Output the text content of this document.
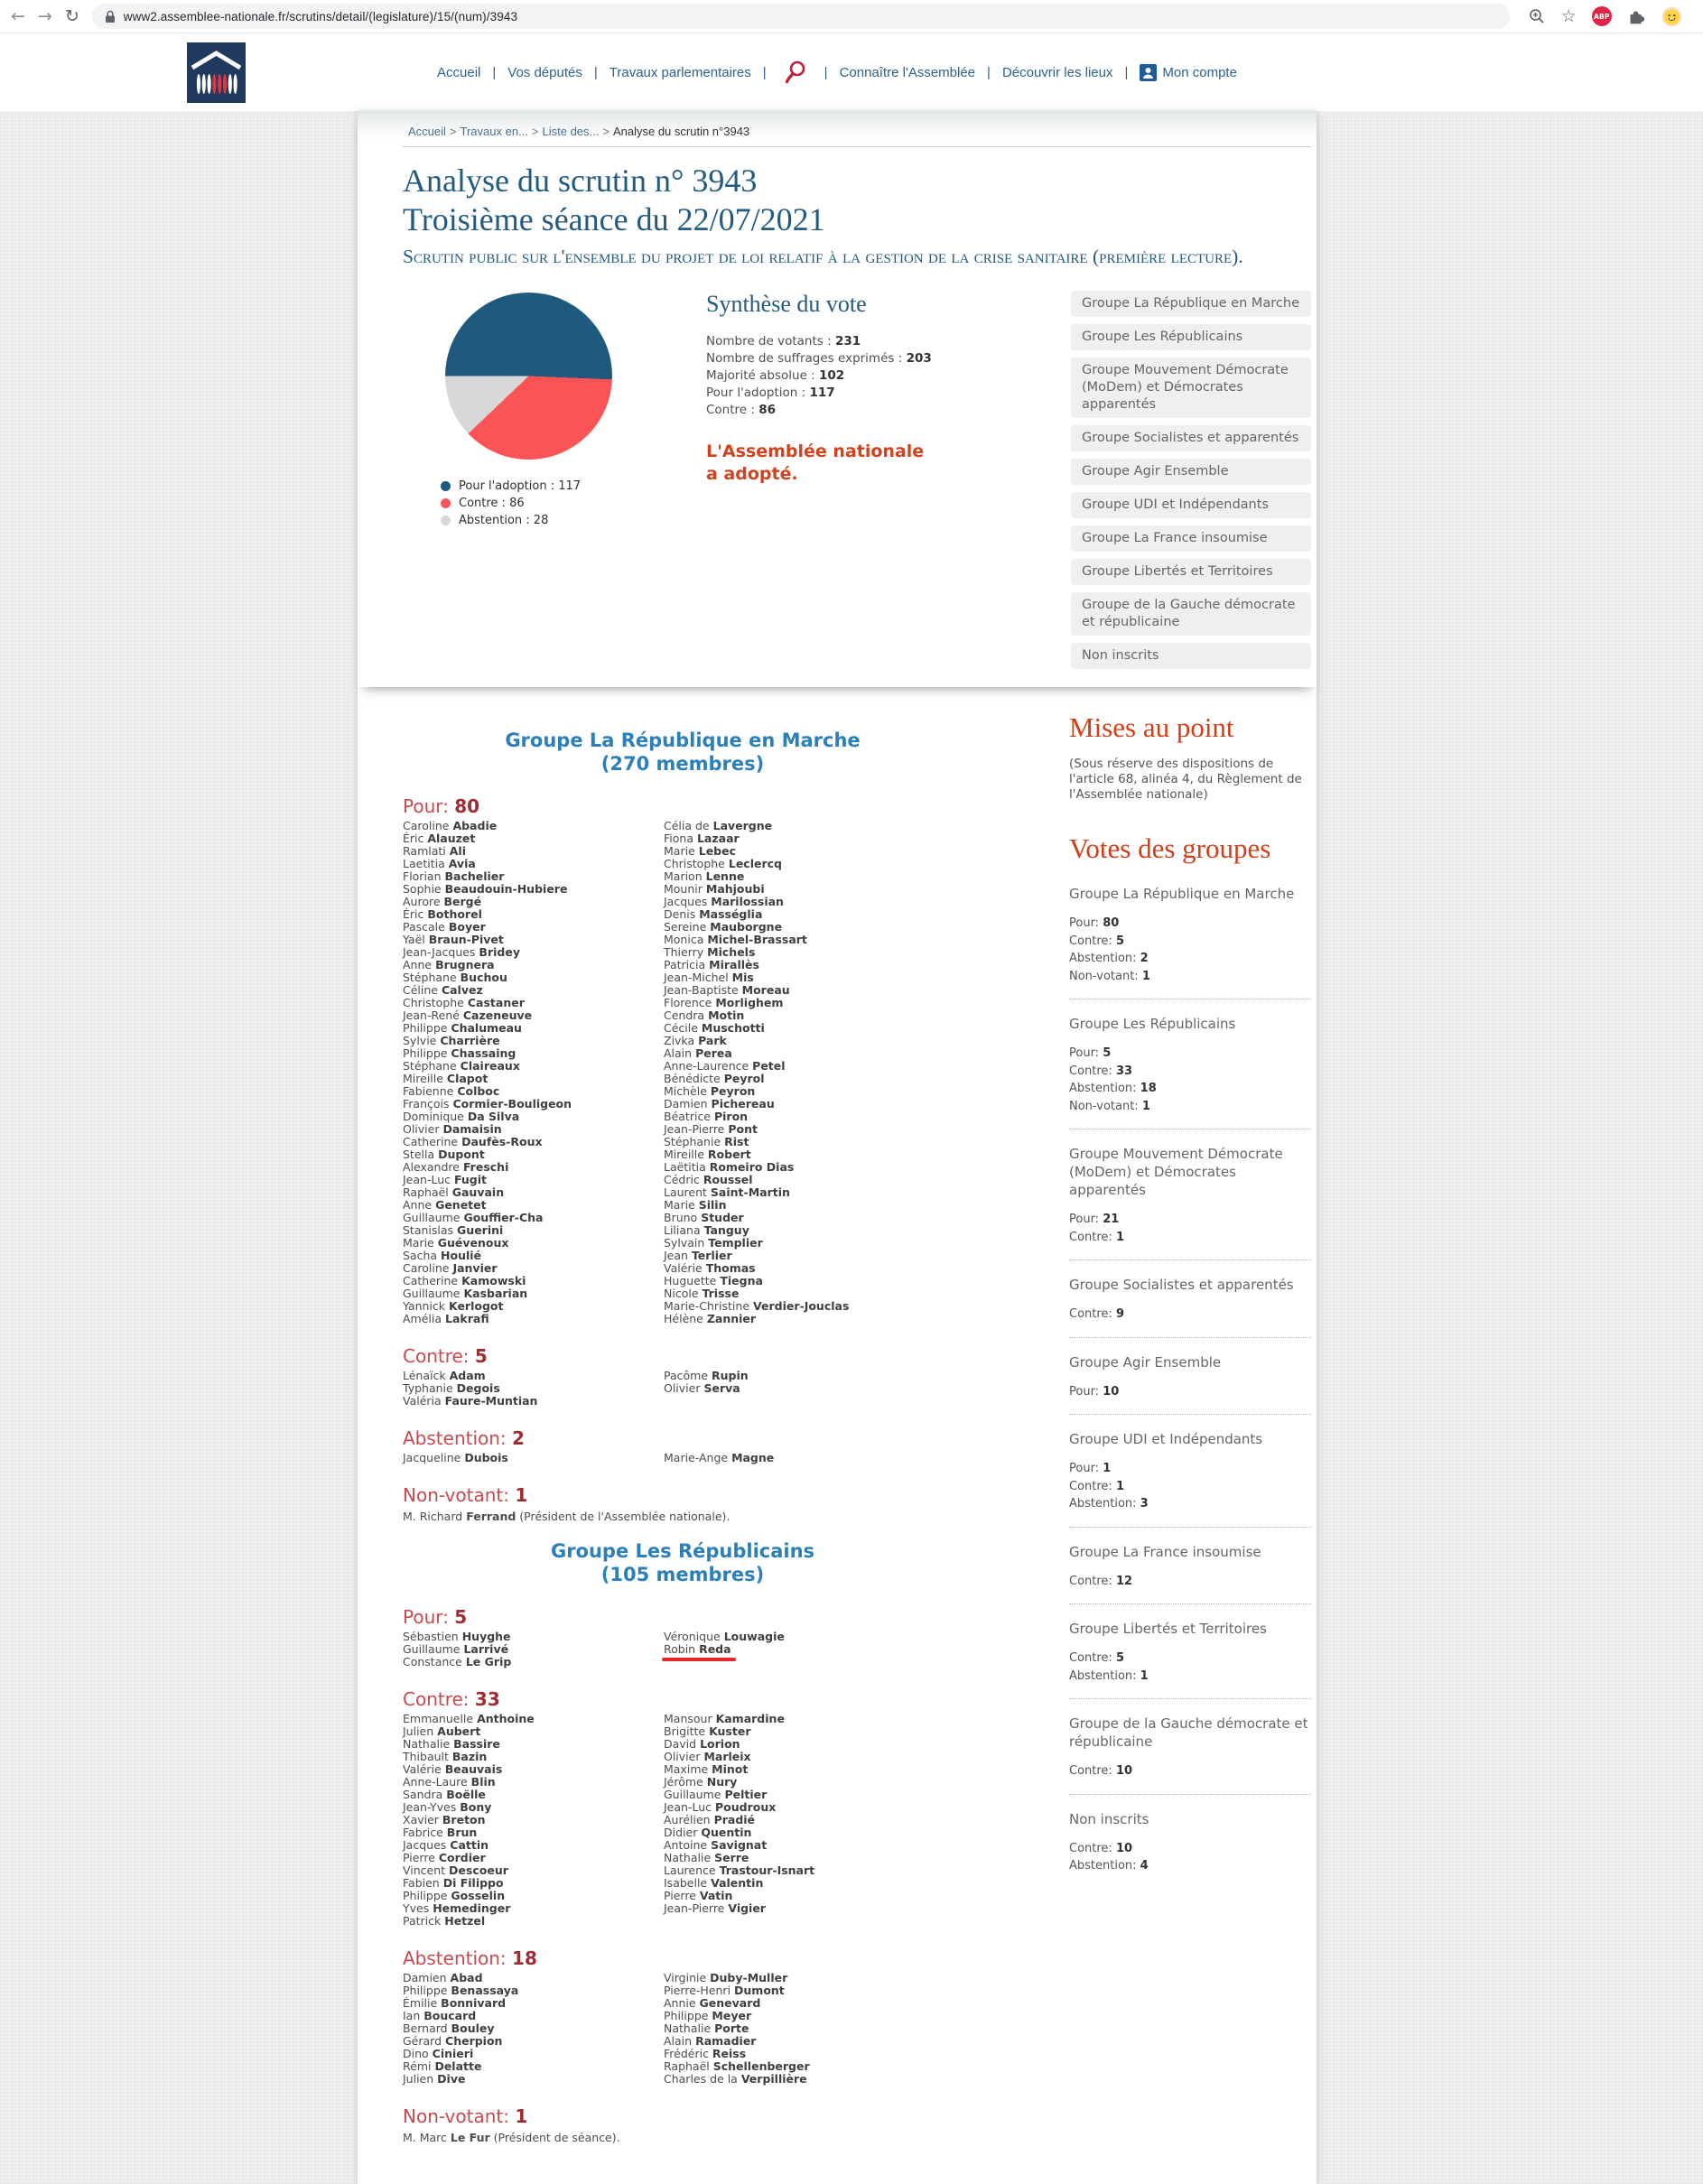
← → ↻	www2.assemblee-nationale.fr/scrutins/detail/(legislature)/15/(num)/3943	☆	ABP
Accueil | Vos députés | Travaux parlementaires |	| Connaître l'Assemblée | Découvrir les lieux |	Mon compte
Accueil > Travaux en... > Liste des... > Analyse du scrutin n°3943
Analyse du scrutin n° 3943
Troisième séance du 22/07/2021

Scrutin public sur l'ensemble du projet de loi relatif à la gestion de la crise sanitaire (première lecture).

Pour l'adoption : 117
Contre : 86
Abstention : 28
Synthèse du vote
Nombre de votants : 231
Nombre de suffrages exprimés : 203
Majorité absolue : 102
Pour l'adoption : 117
Contre : 86

L'Assemblée nationale a adopté.

Groupe La République en Marche
Groupe Les Républicains
Groupe Mouvement Démocrate (MoDem) et Démocrates apparentés
Groupe Socialistes et apparentés
Groupe Agir Ensemble
Groupe UDI et Indépendants
Groupe La France insoumise
Groupe Libertés et Territoires
Groupe de la Gauche démocrate et républicaine
Non inscrits
Groupe La République en Marche
(270 membres)
Pour: 80
Caroline Abadie
Éric Alauzet
Ramlati Ali
Laetitia Avia
Florian Bachelier
Sophie Beaudouin-Hubiere
Aurore Bergé
Éric Bothorel
Pascale Boyer
Yaël Braun-Pivet
Jean-Jacques Bridey
Anne Brugnera
Stéphane Buchou
Céline Calvez
Christophe Castaner
Jean-René Cazeneuve
Philippe Chalumeau
Sylvie Charrière
Philippe Chassaing
Stéphane Claireaux
Mireille Clapot
Fabienne Colboc
François Cormier-Bouligeon
Dominique Da Silva
Olivier Damaisin
Catherine Daufès-Roux
Stella Dupont
Alexandre Freschi
Jean-Luc Fugit
Raphaël Gauvain
Anne Genetet
Guillaume Gouffier-Cha
Stanislas Guerini
Marie Guévenoux
Sacha Houlié
Caroline Janvier
Catherine Kamowski
Guillaume Kasbarian
Yannick Kerlogot
Amélia Lakrafi
Célia de Lavergne
Fiona Lazaar
Marie Lebec
Christophe Leclercq
Marion Lenne
Mounir Mahjoubi
Jacques Marilossian
Denis Masséglia
Sereine Mauborgne
Monica Michel-Brassart
Thierry Michels
Patricia Mirallès
Jean-Michel Mis
Jean-Baptiste Moreau
Florence Morlighem
Cendra Motin
Cécile Muschotti
Zivka Park
Alain Perea
Anne-Laurence Petel
Bénédicte Peyrol
Michèle Peyron
Damien Pichereau
Béatrice Piron
Jean-Pierre Pont
Stéphanie Rist
Mireille Robert
Laëtitia Romeiro Dias
Cédric Roussel
Laurent Saint-Martin
Marie Silin
Bruno Studer
Liliana Tanguy
Sylvain Templier
Jean Terlier
Valérie Thomas
Huguette Tiegna
Nicole Trisse
Marie-Christine Verdier-Jouclas
Hélène Zannier
Contre: 5
Lénaïck Adam
Typhanie Degois
Valéria Faure-Muntian
Pacôme Rupin
Olivier Serva
Abstention: 2
Jacqueline Dubois	Marie-Ange Magne
Non-votant: 1
M. Richard Ferrand (Président de l'Assemblée nationale).
Groupe Les Républicains
(105 membres)
Pour: 5
Sébastien Huyghe
Guillaume Larrivé
Constance Le Grip
Véronique Louwagie
Robin Reda
Contre: 33
Emmanuelle Anthoine
Julien Aubert
Nathalie Bassire
Thibault Bazin
Valérie Beauvais
Anne-Laure Blin
Sandra Boëlle
Jean-Yves Bony
Xavier Breton
Fabrice Brun
Jacques Cattin
Pierre Cordier
Vincent Descoeur
Fabien Di Filippo
Philippe Gosselin
Yves Hemedinger
Patrick Hetzel
Mansour Kamardine
Brigitte Kuster
David Lorion
Olivier Marleix
Maxime Minot
Jérôme Nury
Guillaume Peltier
Jean-Luc Poudroux
Aurélien Pradié
Didier Quentin
Antoine Savignat
Nathalie Serre
Laurence Trastour-Isnart
Isabelle Valentin
Pierre Vatin
Jean-Pierre Vigier
Abstention: 18
Damien Abad
Philippe Benassaya
Émilie Bonnivard
Ian Boucard
Bernard Bouley
Gérard Cherpion
Dino Cinieri
Rémi Delatte
Julien Dive
Virginie Duby-Muller
Pierre-Henri Dumont
Annie Genevard
Philippe Meyer
Nathalie Porte
Alain Ramadier
Frédéric Reiss
Raphaël Schellenberger
Charles de la Verpillière
Non-votant: 1
M. Marc Le Fur (Président de séance).
Mises au point

(Sous réserve des dispositions de l'article 68, alinéa 4, du Règlement de l'Assemblée nationale)

Votes des groupes
Groupe La République en Marche
Pour: 80
Contre: 5
Abstention: 2
Non-votant: 1
Groupe Les Républicains
Pour: 5
Contre: 33
Abstention: 18
Non-votant: 1
Groupe Mouvement Démocrate (MoDem) et Démocrates apparentés
Pour: 21
Contre: 1
Groupe Socialistes et apparentés
Contre: 9
Groupe Agir Ensemble
Pour: 10
Groupe UDI et Indépendants
Pour: 1
Contre: 1
Abstention: 3
Groupe La France insoumise
Contre: 12
Groupe Libertés et Territoires
Contre: 5
Abstention: 1
Groupe de la Gauche démocrate et républicaine
Contre: 10
Non inscrits
Contre: 10
Abstention: 4
